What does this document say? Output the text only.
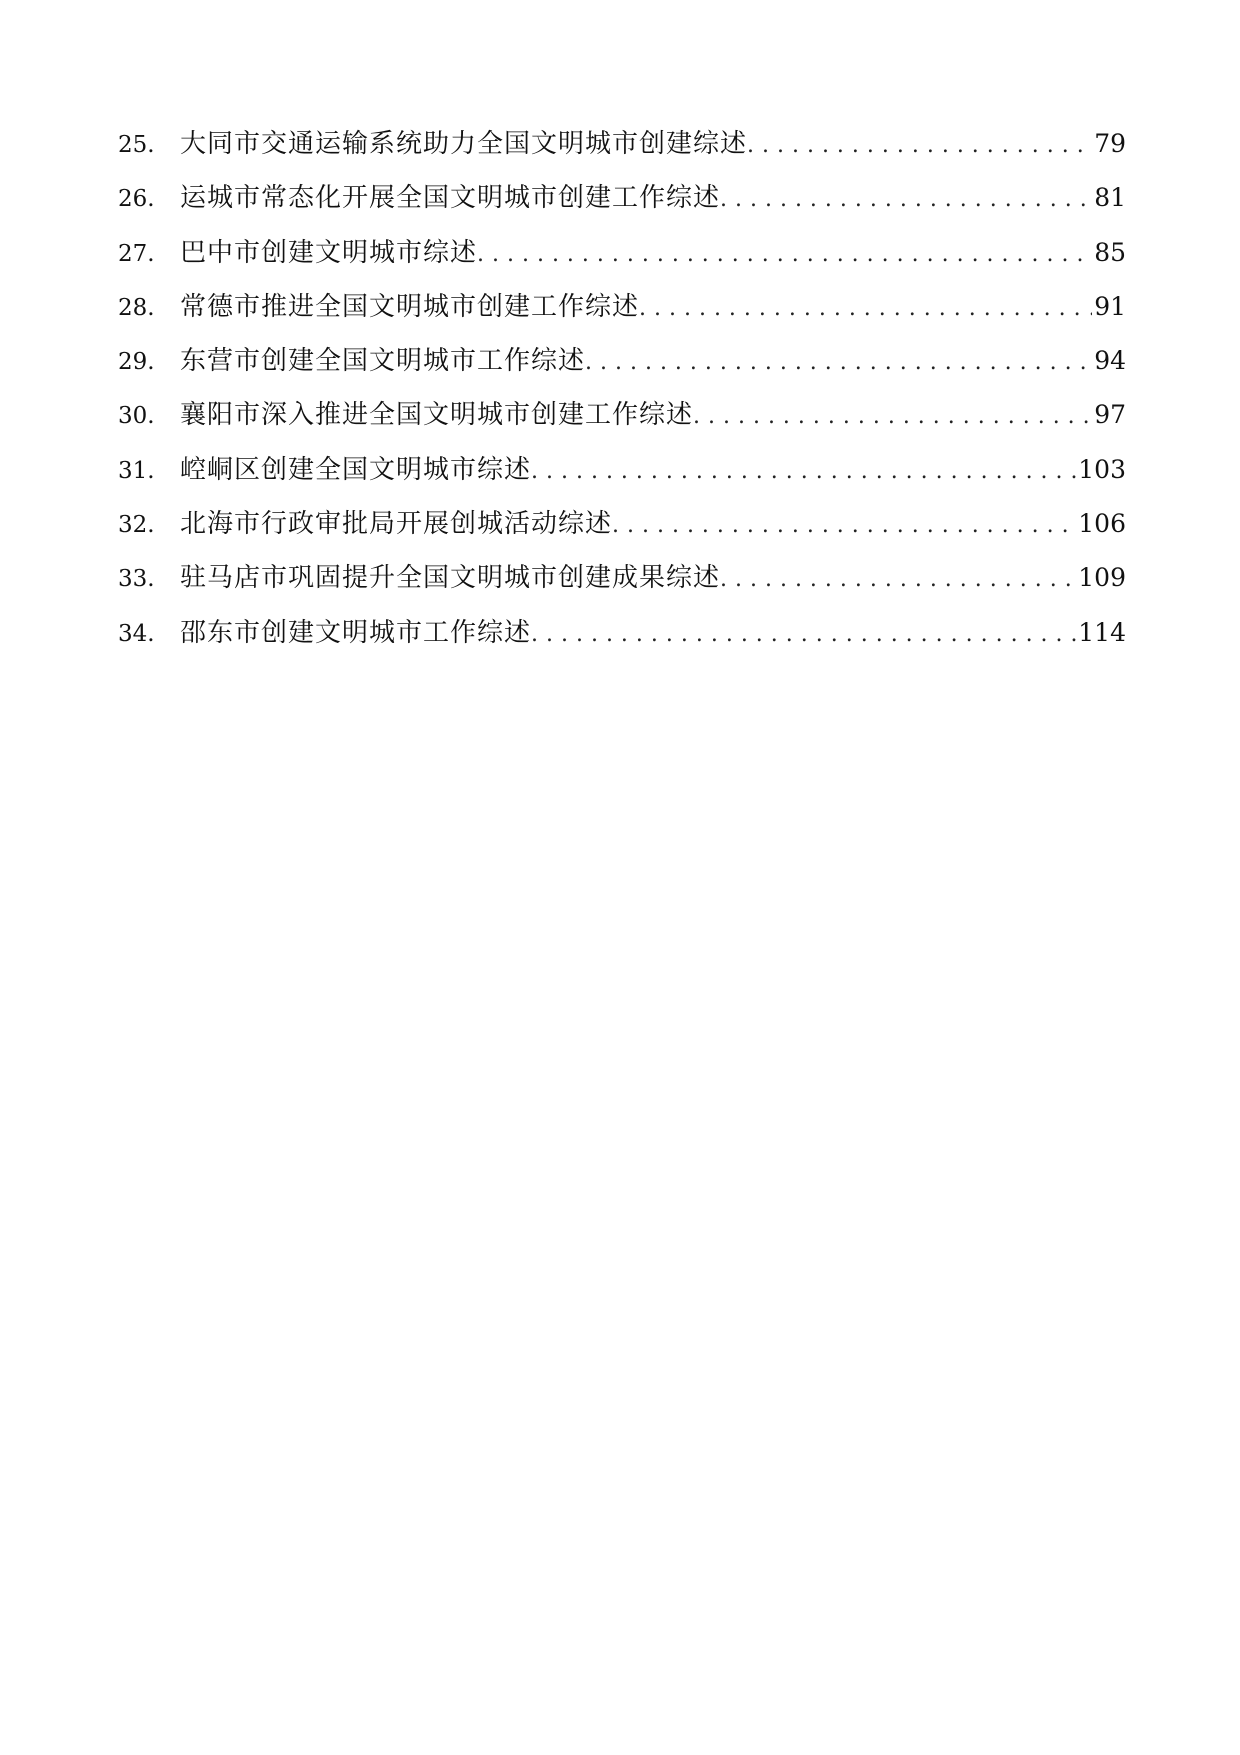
25. 大同市交通运输系统助力全国文明城市创建综述 . . .	79
26. 运城市常态化开展全国文明城市创建工作综述 . . .	81
27. 巴中市创建文明城市综述 . . .	85
28. 常德市推进全国文明城市创建工作综述 . . .	91
29. 东营市创建全国文明城市工作综述 . . .	94
30. 襄阳市深入推进全国文明城市创建工作综述 . . .	97
31. 崆峒区创建全国文明城市综述 . . .	103
32. 北海市行政审批局开展创城活动综述 . . .	106
33. 驻马店市巩固提升全国文明城市创建成果综述 . . .	109
34. 邵东市创建文明城市工作综述 . . .	114
